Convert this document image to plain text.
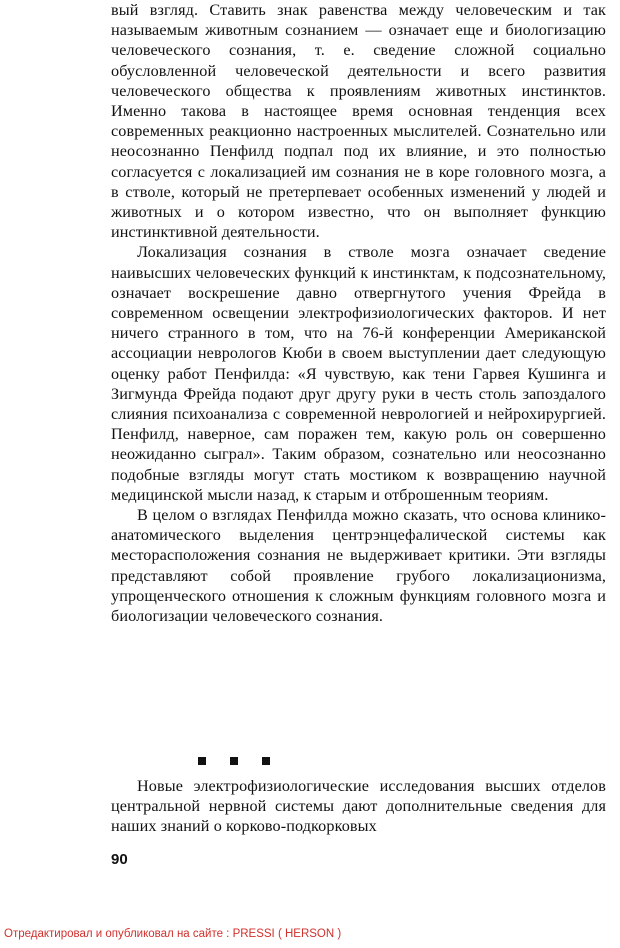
вый взгляд. Ставить знак равенства между человеческим и так называемым животным сознанием — означает еще и биологизацию человеческого сознания, т. е. сведение сложной социально обусловленной человеческой деятельности и всего развития человеческого общества к проявлениям животных инстинктов. Именно такова в настоящее время основная тенденция всех современных реакционно настроенных мыслителей. Сознательно или неосознанно Пенфилд подпал под их влияние, и это полностью согласуется с локализацией им сознания не в коре головного мозга, а в стволе, который не претерпевает особенных изменений у людей и животных и о котором известно, что он выполняет функцию инстинктивной деятельности.

Локализация сознания в стволе мозга означает сведение наивысших человеческих функций к инстинктам, к подсознательному, означает воскрешение давно отвергнутого учения Фрейда в современном освещении электрофизиологических факторов. И нет ничего странного в том, что на 76-й конференции Американской ассоциации неврологов Кюби в своем выступлении дает следующую оценку работ Пенфилда: «Я чувствую, как тени Гарвея Кушинга и Зигмунда Фрейда подают друг другу руки в честь столь запоздалого слияния психоанализа с современной неврологией и нейрохирургией. Пенфилд, наверное, сам поражен тем, какую роль он совершенно неожиданно сыграл». Таким образом, сознательно или неосознанно подобные взгляды могут стать мостиком к возвращению научной медицинской мысли назад, к старым и отброшенным теориям.

В целом о взглядах Пенфилда можно сказать, что основа клинико-анатомического выделения центрэнцефалической системы как месторасположения сознания не выдерживает критики. Эти взгляды представляют собой проявление грубого локализационизма, упрощенческого отношения к сложным функциям головного мозга и биологизации человеческого сознания.

Новые электрофизиологические исследования высших отделов центральной нервной системы дают дополнительные сведения для наших знаний о корково-подкорковых

90
Отредактировал и опубликовал на сайте : PRESSI ( HERSON )
